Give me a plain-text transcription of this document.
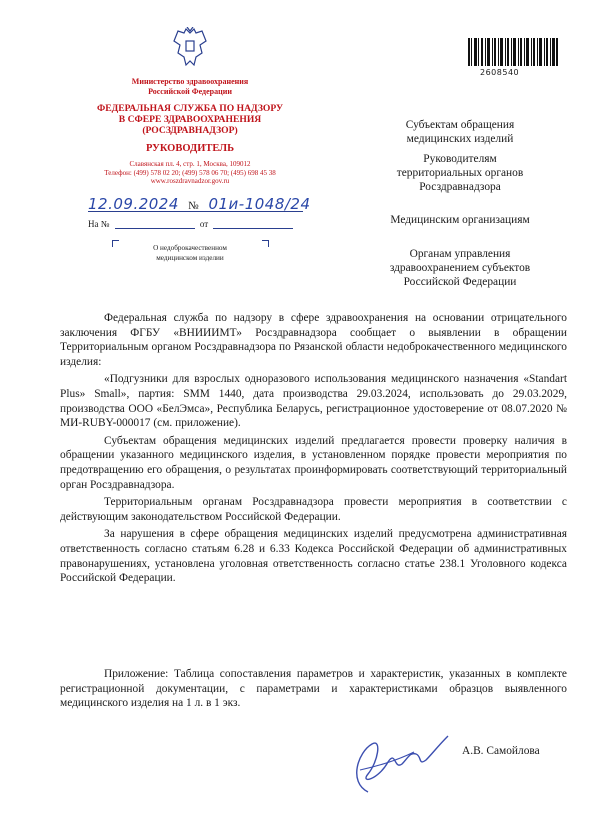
Министерство здравоохранения
Российской Федерации
ФЕДЕРАЛЬНАЯ СЛУЖБА ПО НАДЗОРУ
В СФЕРЕ ЗДРАВООХРАНЕНИЯ
(РОСЗДРАВНАДЗОР)
РУКОВОДИТЕЛЬ
Славянская пл. 4, стр. 1, Москва, 109012
Телефон: (499) 578 02 20; (499) 578 06 70; (495) 698 45 38
www.roszdravnadzor.gov.ru
12.09.2024 № 01и-1048/24
На №	от
О недоброкачественном
медицинском изделии
2608540
Субъектам обращения
медицинских изделий
Руководителям
территориальных органов
Росздравнадзора
Медицинским организациям
Органам управления
здравоохранением субъектов
Российской Федерации

Федеральная служба по надзору в сфере здравоохранения на основании отрицательного заключения ФГБУ «ВНИИИМТ» Росздравнадзора сообщает о выявлении в обращении Территориальным органом Росздравнадзора по Рязанской области недоброкачественного медицинского изделия:

«Подгузники для взрослых одноразового использования медицинского назначения «Standart Plus» Small», партия: SMM 1440, дата производства 29.03.2024, использовать до 29.03.2029, производства ООО «БелЭмса», Республика Беларусь, регистрационное удостоверение от 08.07.2020 № МИ-RUBY-000017 (см. приложение).

Субъектам обращения медицинских изделий предлагается провести проверку наличия в обращении указанного медицинского изделия, в установленном порядке провести мероприятия по предотвращению его обращения, о результатах проинформировать соответствующий территориальный орган Росздравнадзора.

Территориальным органам Росздравнадзора провести мероприятия в соответствии с действующим законодательством Российской Федерации.

За нарушения в сфере обращения медицинских изделий предусмотрена административная ответственность согласно статьям 6.28 и 6.33 Кодекса Российской Федерации об административных правонарушениях, установлена уголовная ответственность согласно статье 238.1 Уголовного кодекса Российской Федерации.

Приложение: Таблица сопоставления параметров и характеристик, указанных в комплекте регистрационной документации, с параметрами и характеристиками образцов выявленного медицинского изделия на 1 л. в 1 экз.

А.В. Самойлова
